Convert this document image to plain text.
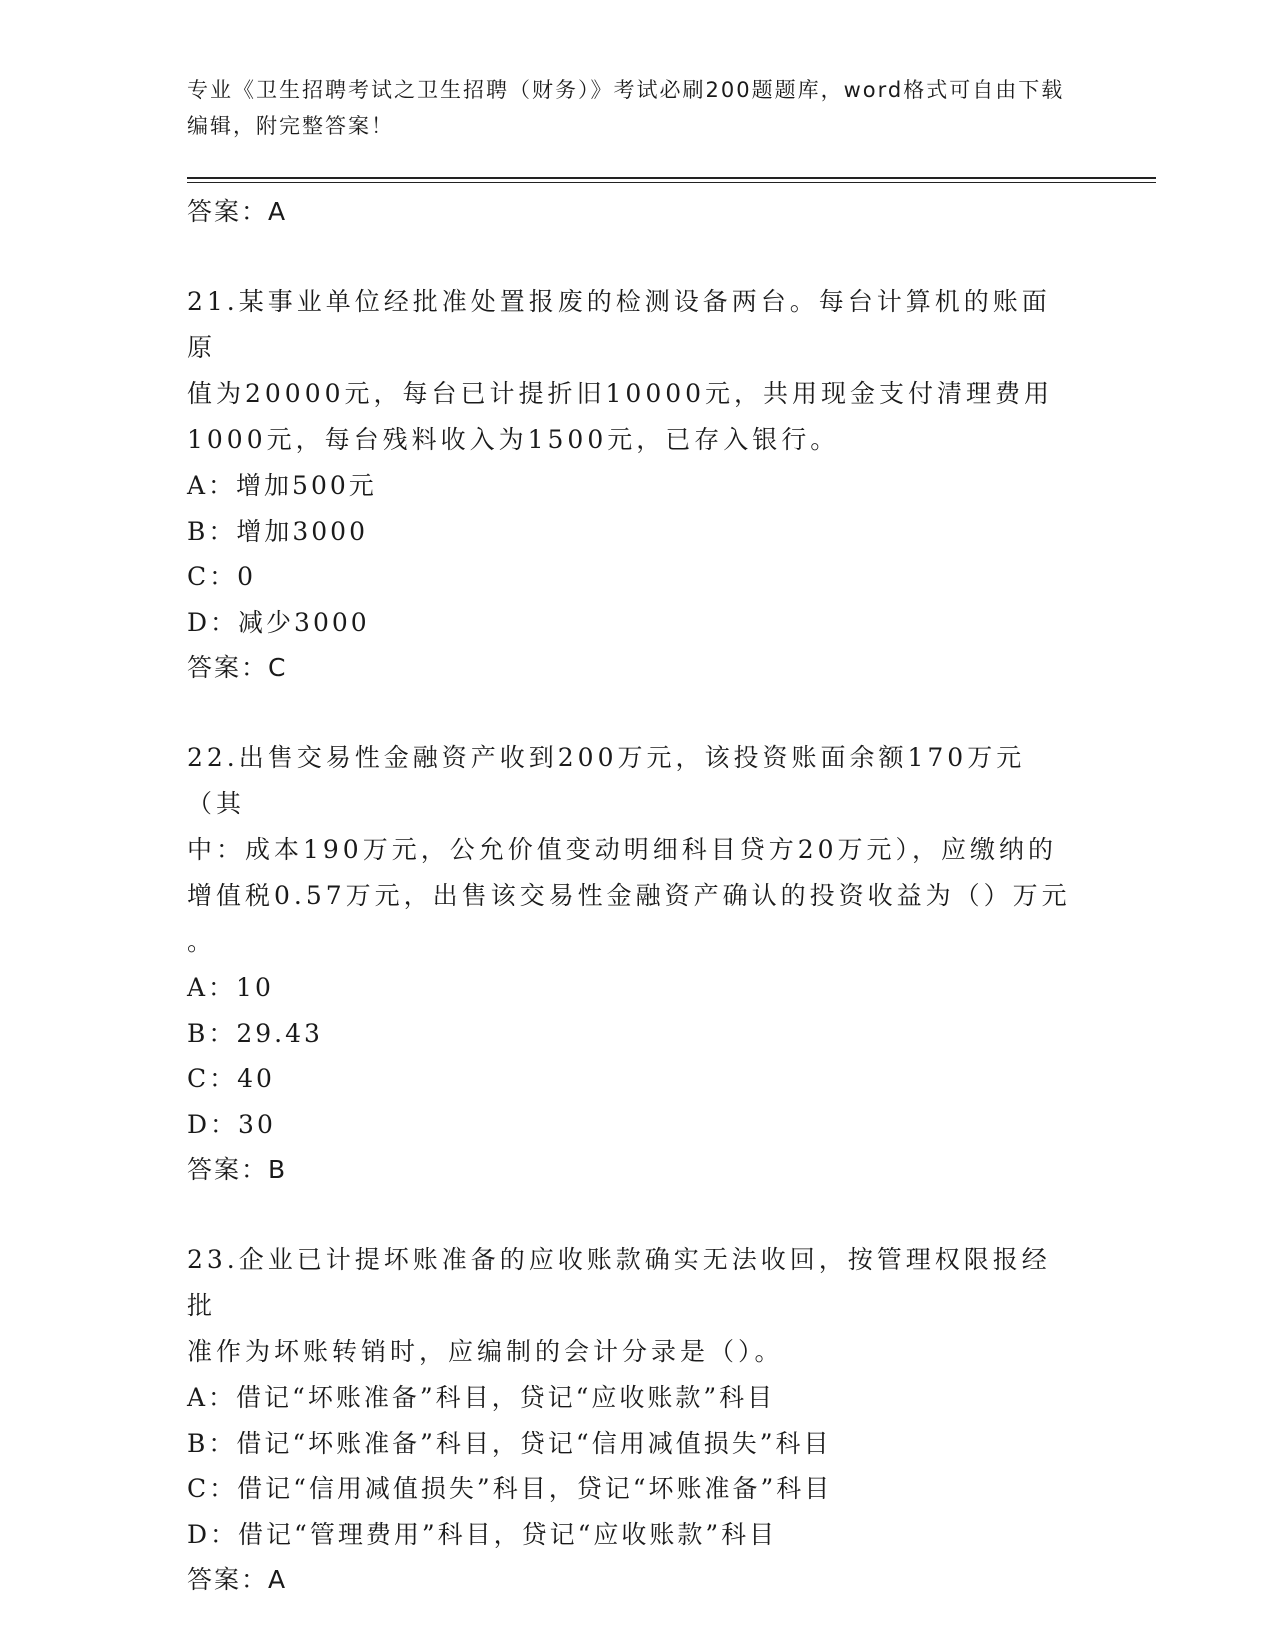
专业《卫生招聘考试之卫生招聘（财务）》考试必刷200题题库，word格式可自由下载编辑，附完整答案！
答案：A
21.某事业单位经批准处置报废的检测设备两台。每台计算机的账面原
值为20000元，每台已计提折旧10000元，共用现金支付清理费用
1000元，每台残料收入为1500元，已存入银行。
A：增加500元
B：增加3000
C：0
D：减少3000
答案：C
22.出售交易性金融资产收到200万元，该投资账面余额170万元（其
中：成本190万元，公允价值变动明细科目贷方20万元），应缴纳的
增值税0.57万元，出售该交易性金融资产确认的投资收益为（）万元
。
A：10
B：29.43
C：40
D：30
答案：B
23.企业已计提坏账准备的应收账款确实无法收回，按管理权限报经批
准作为坏账转销时，应编制的会计分录是（）。
A：借记“坏账准备”科目，贷记“应收账款”科目
B：借记“坏账准备”科目，贷记“信用减值损失”科目
C：借记“信用减值损失”科目，贷记“坏账准备”科目
D：借记“管理费用”科目，贷记“应收账款”科目
答案：A
